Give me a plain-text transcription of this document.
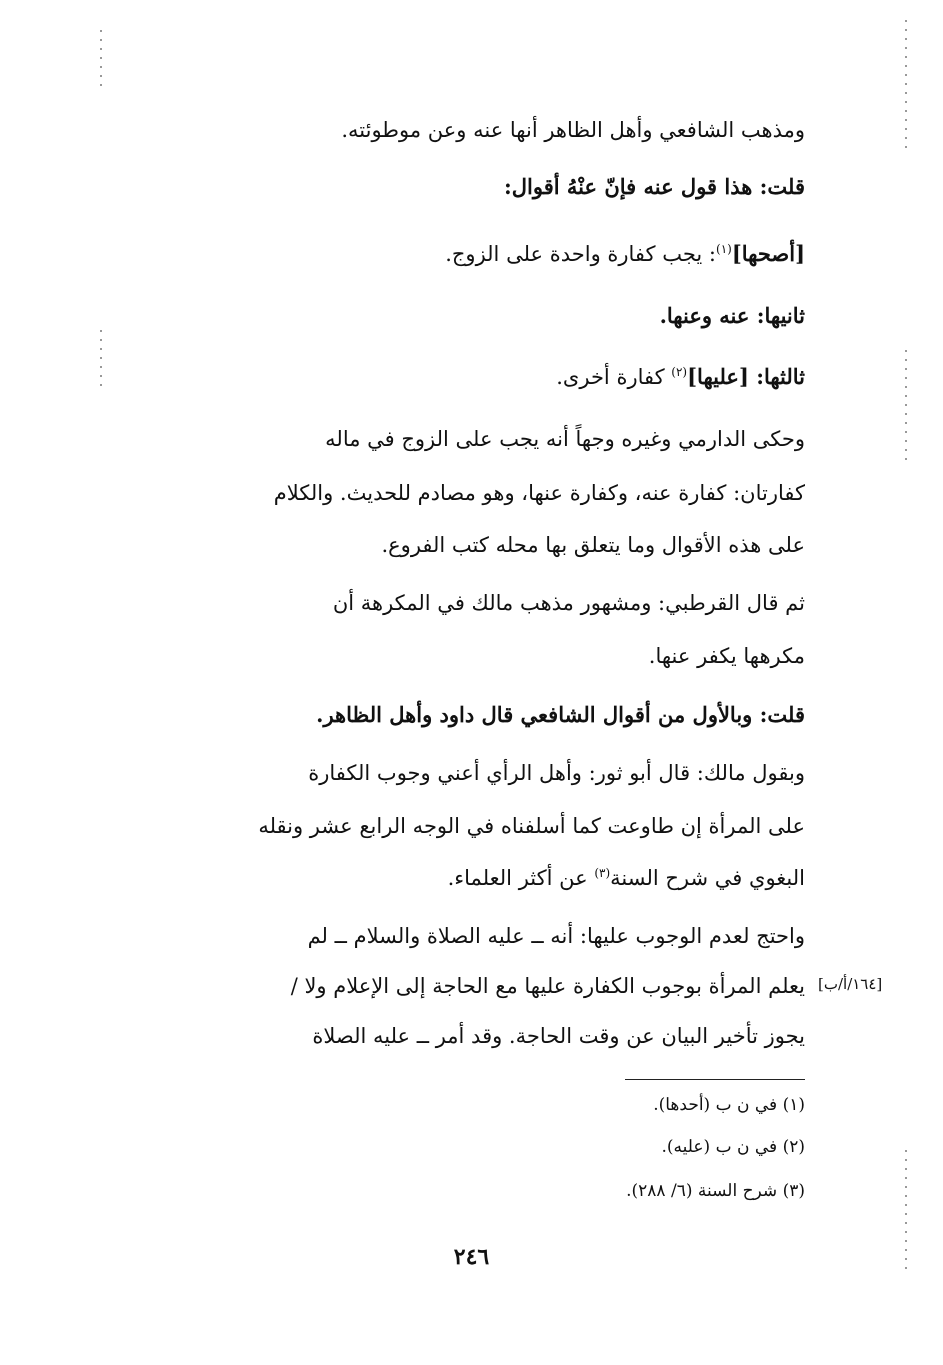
ومذهب الشافعي وأهل الظاهر أنها عنه وعن موطوئته.
قلت: هذا قول عنه فإنّ عنْهُ أقوال:
[أصحها]$^{(١)}$: يجب كفارة واحدة على الزوج.
ثانيها: عنه وعنها.
ثالثها: [عليها]$^{(٢)}$ كفارة أخرى.
وحكى الدارمي وغيره وجهاً أنه يجب على الزوج في ماله
كفارتان: كفارة عنه، وكفارة عنها، وهو مصادم للحديث. والكلام
على هذه الأقوال وما يتعلق بها محله كتب الفروع.
ثم قال القرطبي: ومشهور مذهب مالك في المكرهة أن
مكرهها يكفر عنها.
قلت: وبالأول من أقوال الشافعي قال داود وأهل الظاهر.
وبقول مالك: قال أبو ثور: وأهل الرأي أعني وجوب الكفارة
على المرأة إن طاوعت كما أسلفناه في الوجه الرابع عشر ونقله
البغوي في شرح السنة$^{(٣)}$ عن أكثر العلماء.
واحتج لعدم الوجوب عليها: أنه ــ عليه الصلاة والسلام ــ لم
يعلم المرأة بوجوب الكفارة عليها مع الحاجة إلى الإعلام ولا /
يجوز تأخير البيان عن وقت الحاجة. وقد أمر ــ عليه الصلاة
[١٦٤/أ/ب]
(١) في ن ب (أحدها).
(٢) في ن ب (عليه).
(٣) شرح السنة (٦/ ٢٨٨).
٢٤٦
